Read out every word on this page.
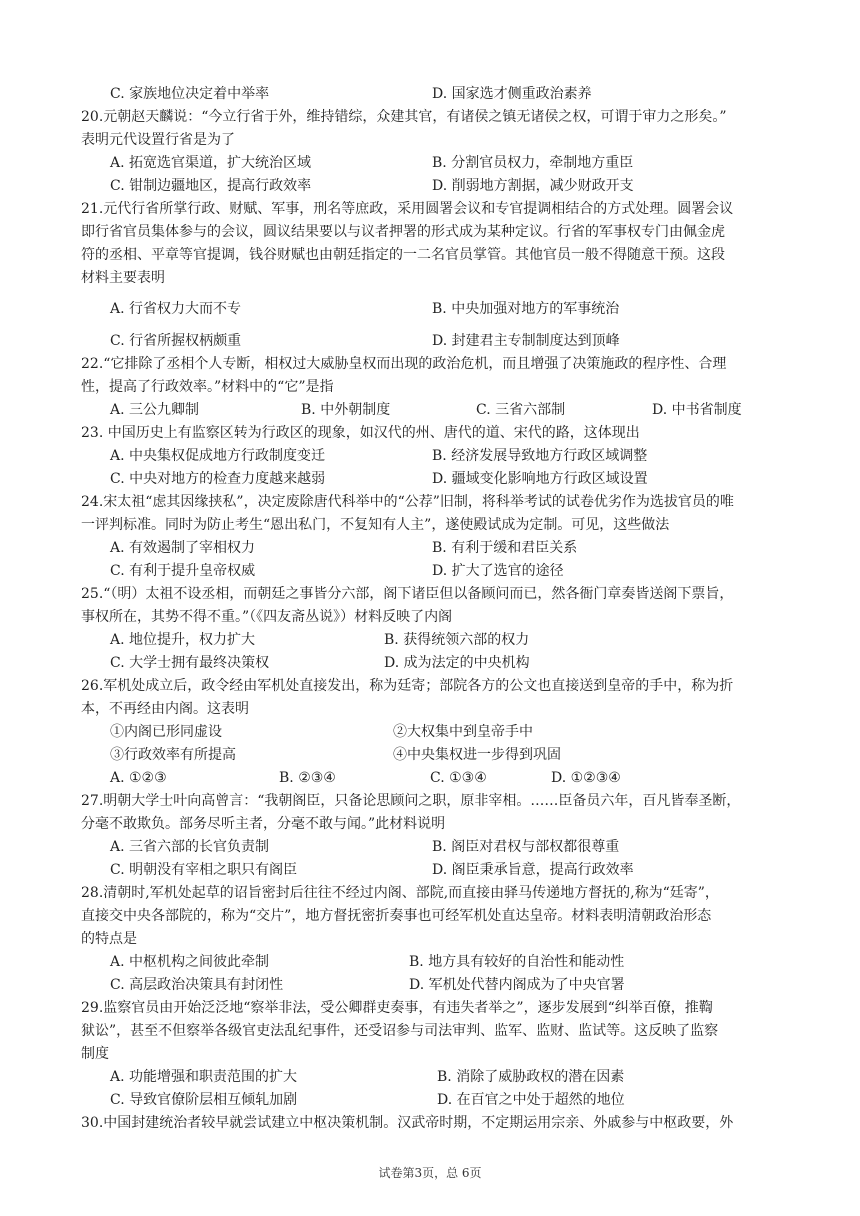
C. 家族地位决定着中举率	D. 国家选才侧重政治素养
20.元朝赵天麟说：“今立行省于外，维持错综，众建其官，有诸侯之镇无诸侯之权，可谓于审力之形矣。”
表明元代设置行省是为了
A. 拓宽选官渠道，扩大统治区域	B. 分割官员权力，牵制地方重臣
C. 钳制边疆地区，提高行政效率	D. 削弱地方割据，减少财政开支
21.元代行省所掌行政、财赋、军事，刑名等庶政，采用圆署会议和专官提调相结合的方式处理。圆署会议
即行省官员集体参与的会议，圆议结果要以与议者押署的形式成为某种定议。行省的军事权专门由佩金虎
符的丞相、平章等官提调，钱谷财赋也由朝廷指定的一二名官员掌管。其他官员一般不得随意干预。这段
材料主要表明
A. 行省权力大而不专	B. 中央加强对地方的军事统治
C. 行省所握权柄颇重	D. 封建君主专制制度达到顶峰
22.“它排除了丞相个人专断，相权过大威胁皇权而出现的政治危机，而且增强了决策施政的程序性、合理
性，提高了行政效率。”材料中的“它”是指
A. 三公九卿制	B. 中外朝制度	C. 三省六部制	D. 中书省制度
23. 中国历史上有监察区转为行政区的现象，如汉代的州、唐代的道、宋代的路，这体现出
A. 中央集权促成地方行政制度变迁	B. 经济发展导致地方行政区域调整
C. 中央对地方的检查力度越来越弱	D. 疆域变化影响地方行政区域设置
24.宋太祖“虑其因缘挟私”，决定废除唐代科举中的“公荐”旧制，将科举考试的试卷优劣作为选拔官员的唯
一评判标准。同时为防止考生“恩出私门，不复知有人主”，遂使殿试成为定制。可见，这些做法
A. 有效遏制了宰相权力	B. 有利于缓和君臣关系
C. 有利于提升皇帝权威	D. 扩大了选官的途径
25.“（明）太祖不设丞相，而朝廷之事皆分六部，阁下诸臣但以备顾问而已，然各衙门章奏皆送阁下票旨，
事权所在，其势不得不重。”（《四友斋丛说》）材料反映了内阁
A. 地位提升，权力扩大	B. 获得统领六部的权力
C. 大学士拥有最终决策权	D. 成为法定的中央机构
26.军机处成立后，政令经由军机处直接发出，称为廷寄；部院各方的公文也直接送到皇帝的手中，称为折
本，不再经由内阁。这表明
①内阁已形同虚设	②大权集中到皇帝手中
③行政效率有所提高	④中央集权进一步得到巩固
A. ①②③	B. ②③④	C. ①③④	D. ①②③④
27.明朝大学士叶向高曾言：“我朝阁臣，只备论思顾问之职，原非宰相。……臣备员六年，百凡皆奉圣断，
分毫不敢欺负。部务尽听主者，分毫不敢与闻。”此材料说明
A. 三省六部的长官负责制	B. 阁臣对君权与部权都很尊重
C. 明朝没有宰相之职只有阁臣	D. 阁臣秉承旨意，提高行政效率
28.清朝时,军机处起草的诏旨密封后往往不经过内阁、部院,而直接由驿马传递地方督抚的,称为“廷寄”，
直接交中央各部院的，称为“交片”，地方督抚密折奏事也可经军机处直达皇帝。材料表明清朝政治形态
的特点是
A. 中枢机构之间彼此牵制	B. 地方具有较好的自治性和能动性
C. 高层政治决策具有封闭性	D. 军机处代替内阁成为了中央官署
29.监察官员由开始泛泛地“察举非法，受公卿群吏奏事，有违失者举之”，逐步发展到“纠举百僚，推鞫
狱讼”，甚至不但察举各级官吏法乱纪事件，还受诏参与司法审判、监军、监财、监试等。这反映了监察
制度
A. 功能增强和职责范围的扩大	B. 消除了威胁政权的潜在因素
C. 导致官僚阶层相互倾轧加剧	D. 在百官之中处于超然的地位
30.中国封建统治者较早就尝试建立中枢决策机制。汉武帝时期，不定期运用宗亲、外戚参与中枢政要，外
试卷第3页，总 6页
